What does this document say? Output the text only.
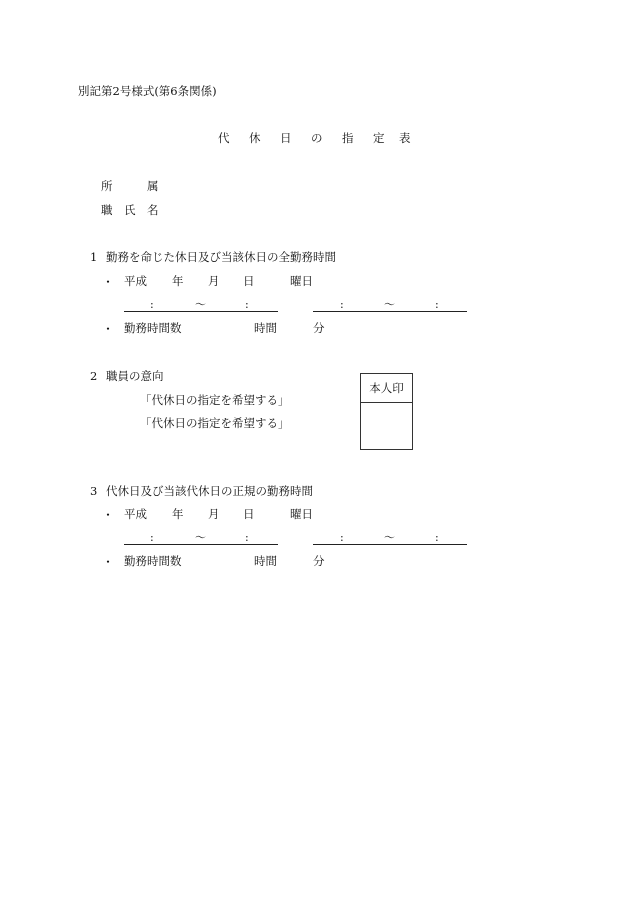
別記第2号様式(第6条関係)
代 休 日 の 指 定 表
所	属
職 氏 名
1 勤務を命じた休日及び当該休日の全勤務時間
・ 平成 年 月 日	曜日
:	〜	:	:	〜	:
・ 勤務時間数	時間	分
2 職員の意向
「代休日の指定を希望する」
「代休日の指定を希望する」
本人印
3 代休日及び当該代休日の正規の勤務時間
・ 平成 年 月 日	曜日
:	〜	:	:	〜	:
・ 勤務時間数	時間	分
